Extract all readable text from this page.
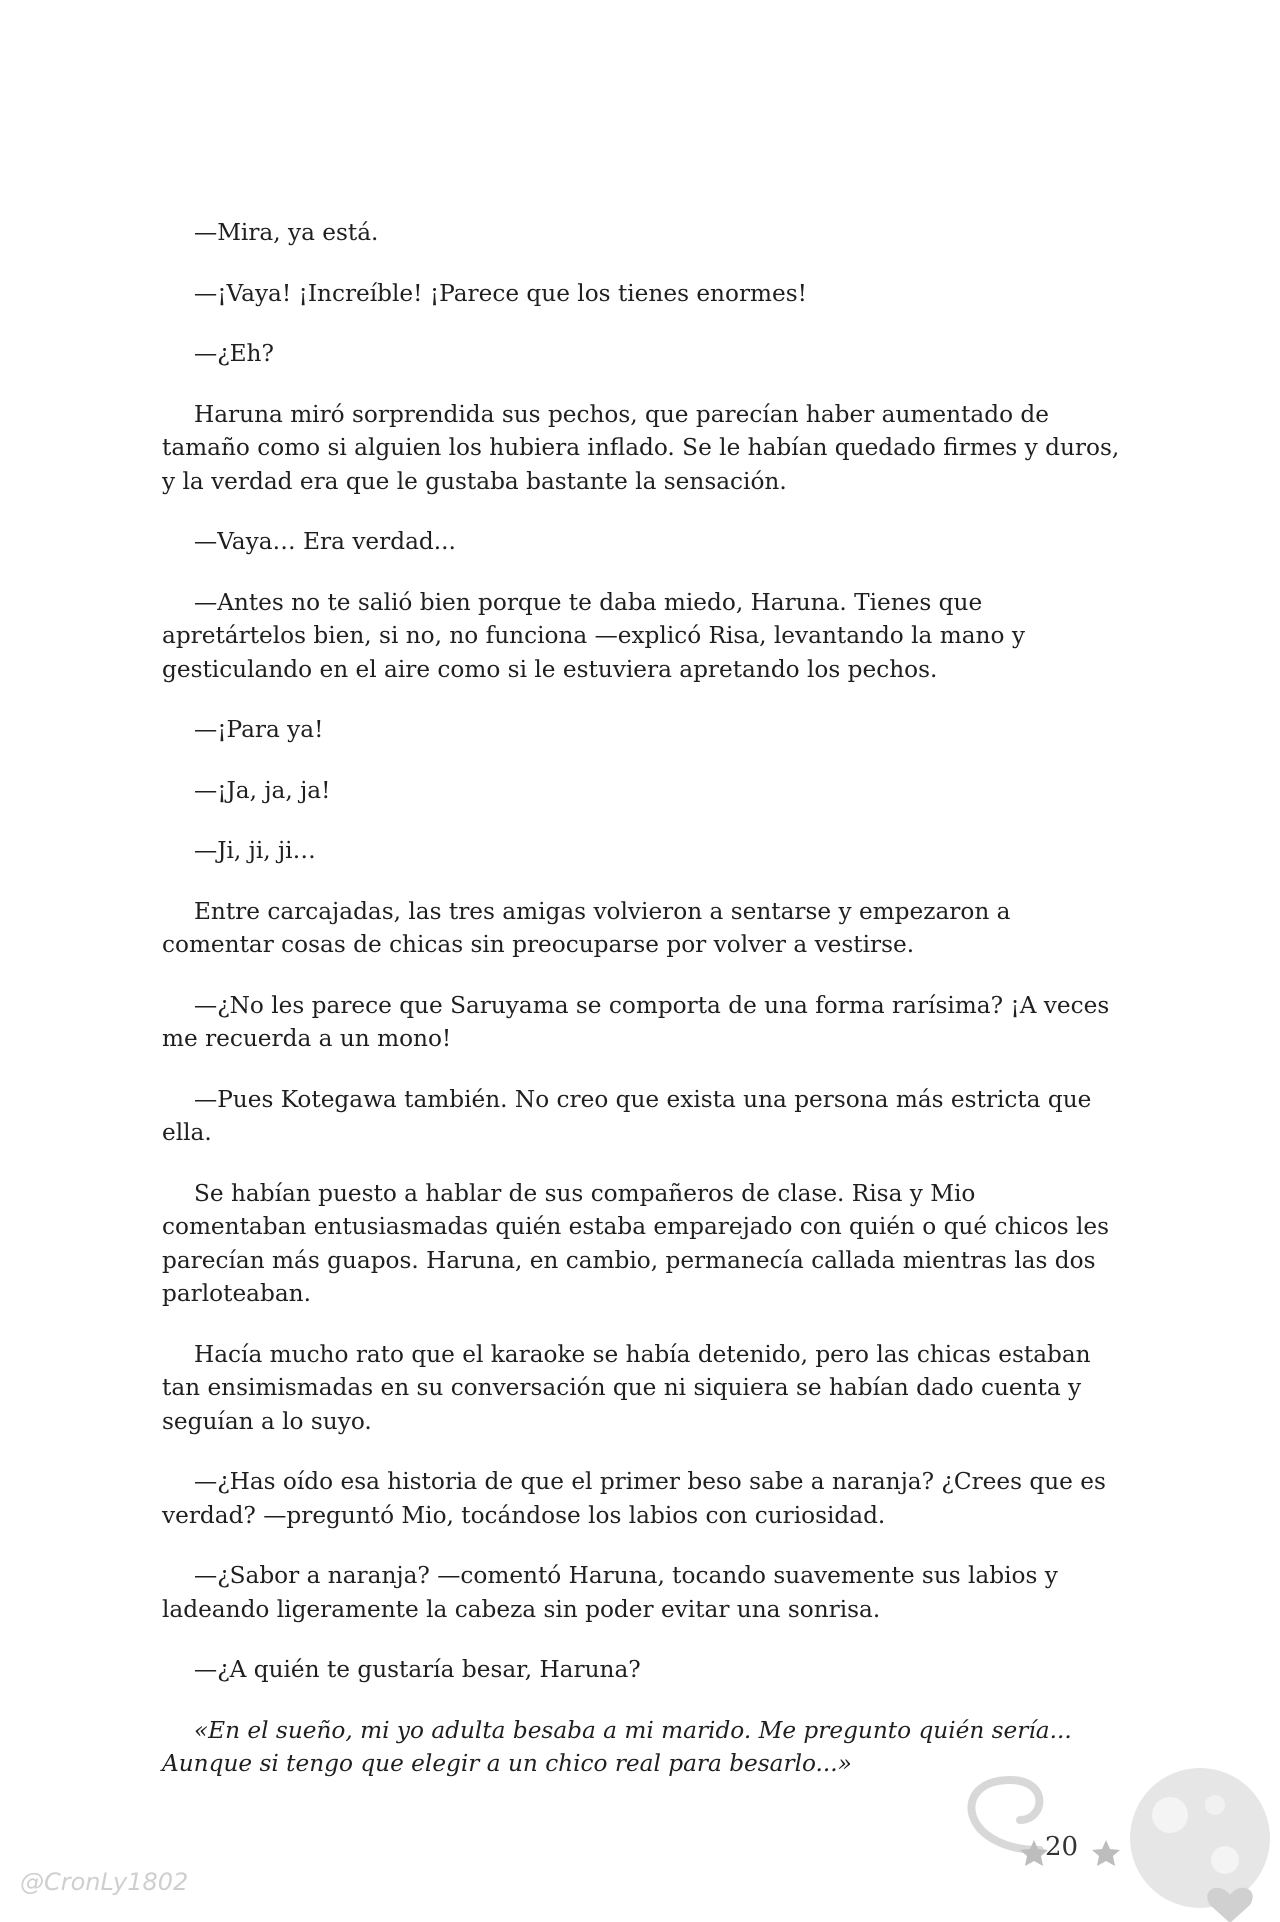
—Mira, ya está.

—¡Vaya! ¡Increíble! ¡Parece que los tienes enormes!

—¿Eh?

Haruna miró sorprendida sus pechos, que parecían haber aumentado de tamaño como si alguien los hubiera inflado. Se le habían quedado firmes y duros, y la verdad era que le gustaba bastante la sensación.

—Vaya… Era verdad...

—Antes no te salió bien porque te daba miedo, Haruna. Tienes que apretártelos bien, si no, no funciona —explicó Risa, levantando la mano y gesticulando en el aire como si le estuviera apretando los pechos.

—¡Para ya!

—¡Ja, ja, ja!

—Ji, ji, ji…

Entre carcajadas, las tres amigas volvieron a sentarse y empezaron a comentar cosas de chicas sin preocuparse por volver a vestirse.

—¿No les parece que Saruyama se comporta de una forma rarísima? ¡A veces me recuerda a un mono!

—Pues Kotegawa también. No creo que exista una persona más estricta que ella.

Se habían puesto a hablar de sus compañeros de clase. Risa y Mio comentaban entusiasmadas quién estaba emparejado con quién o qué chicos les parecían más guapos. Haruna, en cambio, permanecía callada mientras las dos parloteaban.

Hacía mucho rato que el karaoke se había detenido, pero las chicas estaban tan ensimismadas en su conversación que ni siquiera se habían dado cuenta y seguían a lo suyo.

—¿Has oído esa historia de que el primer beso sabe a naranja? ¿Crees que es verdad? —preguntó Mio, tocándose los labios con curiosidad.

—¿Sabor a naranja? —comentó Haruna, tocando suavemente sus labios y ladeando ligeramente la cabeza sin poder evitar una sonrisa.

—¿A quién te gustaría besar, Haruna?

«En el sueño, mi yo adulta besaba a mi marido. Me pregunto quién sería... Aunque si tengo que elegir a un chico real para besarlo...»

20
@CronLy1802
